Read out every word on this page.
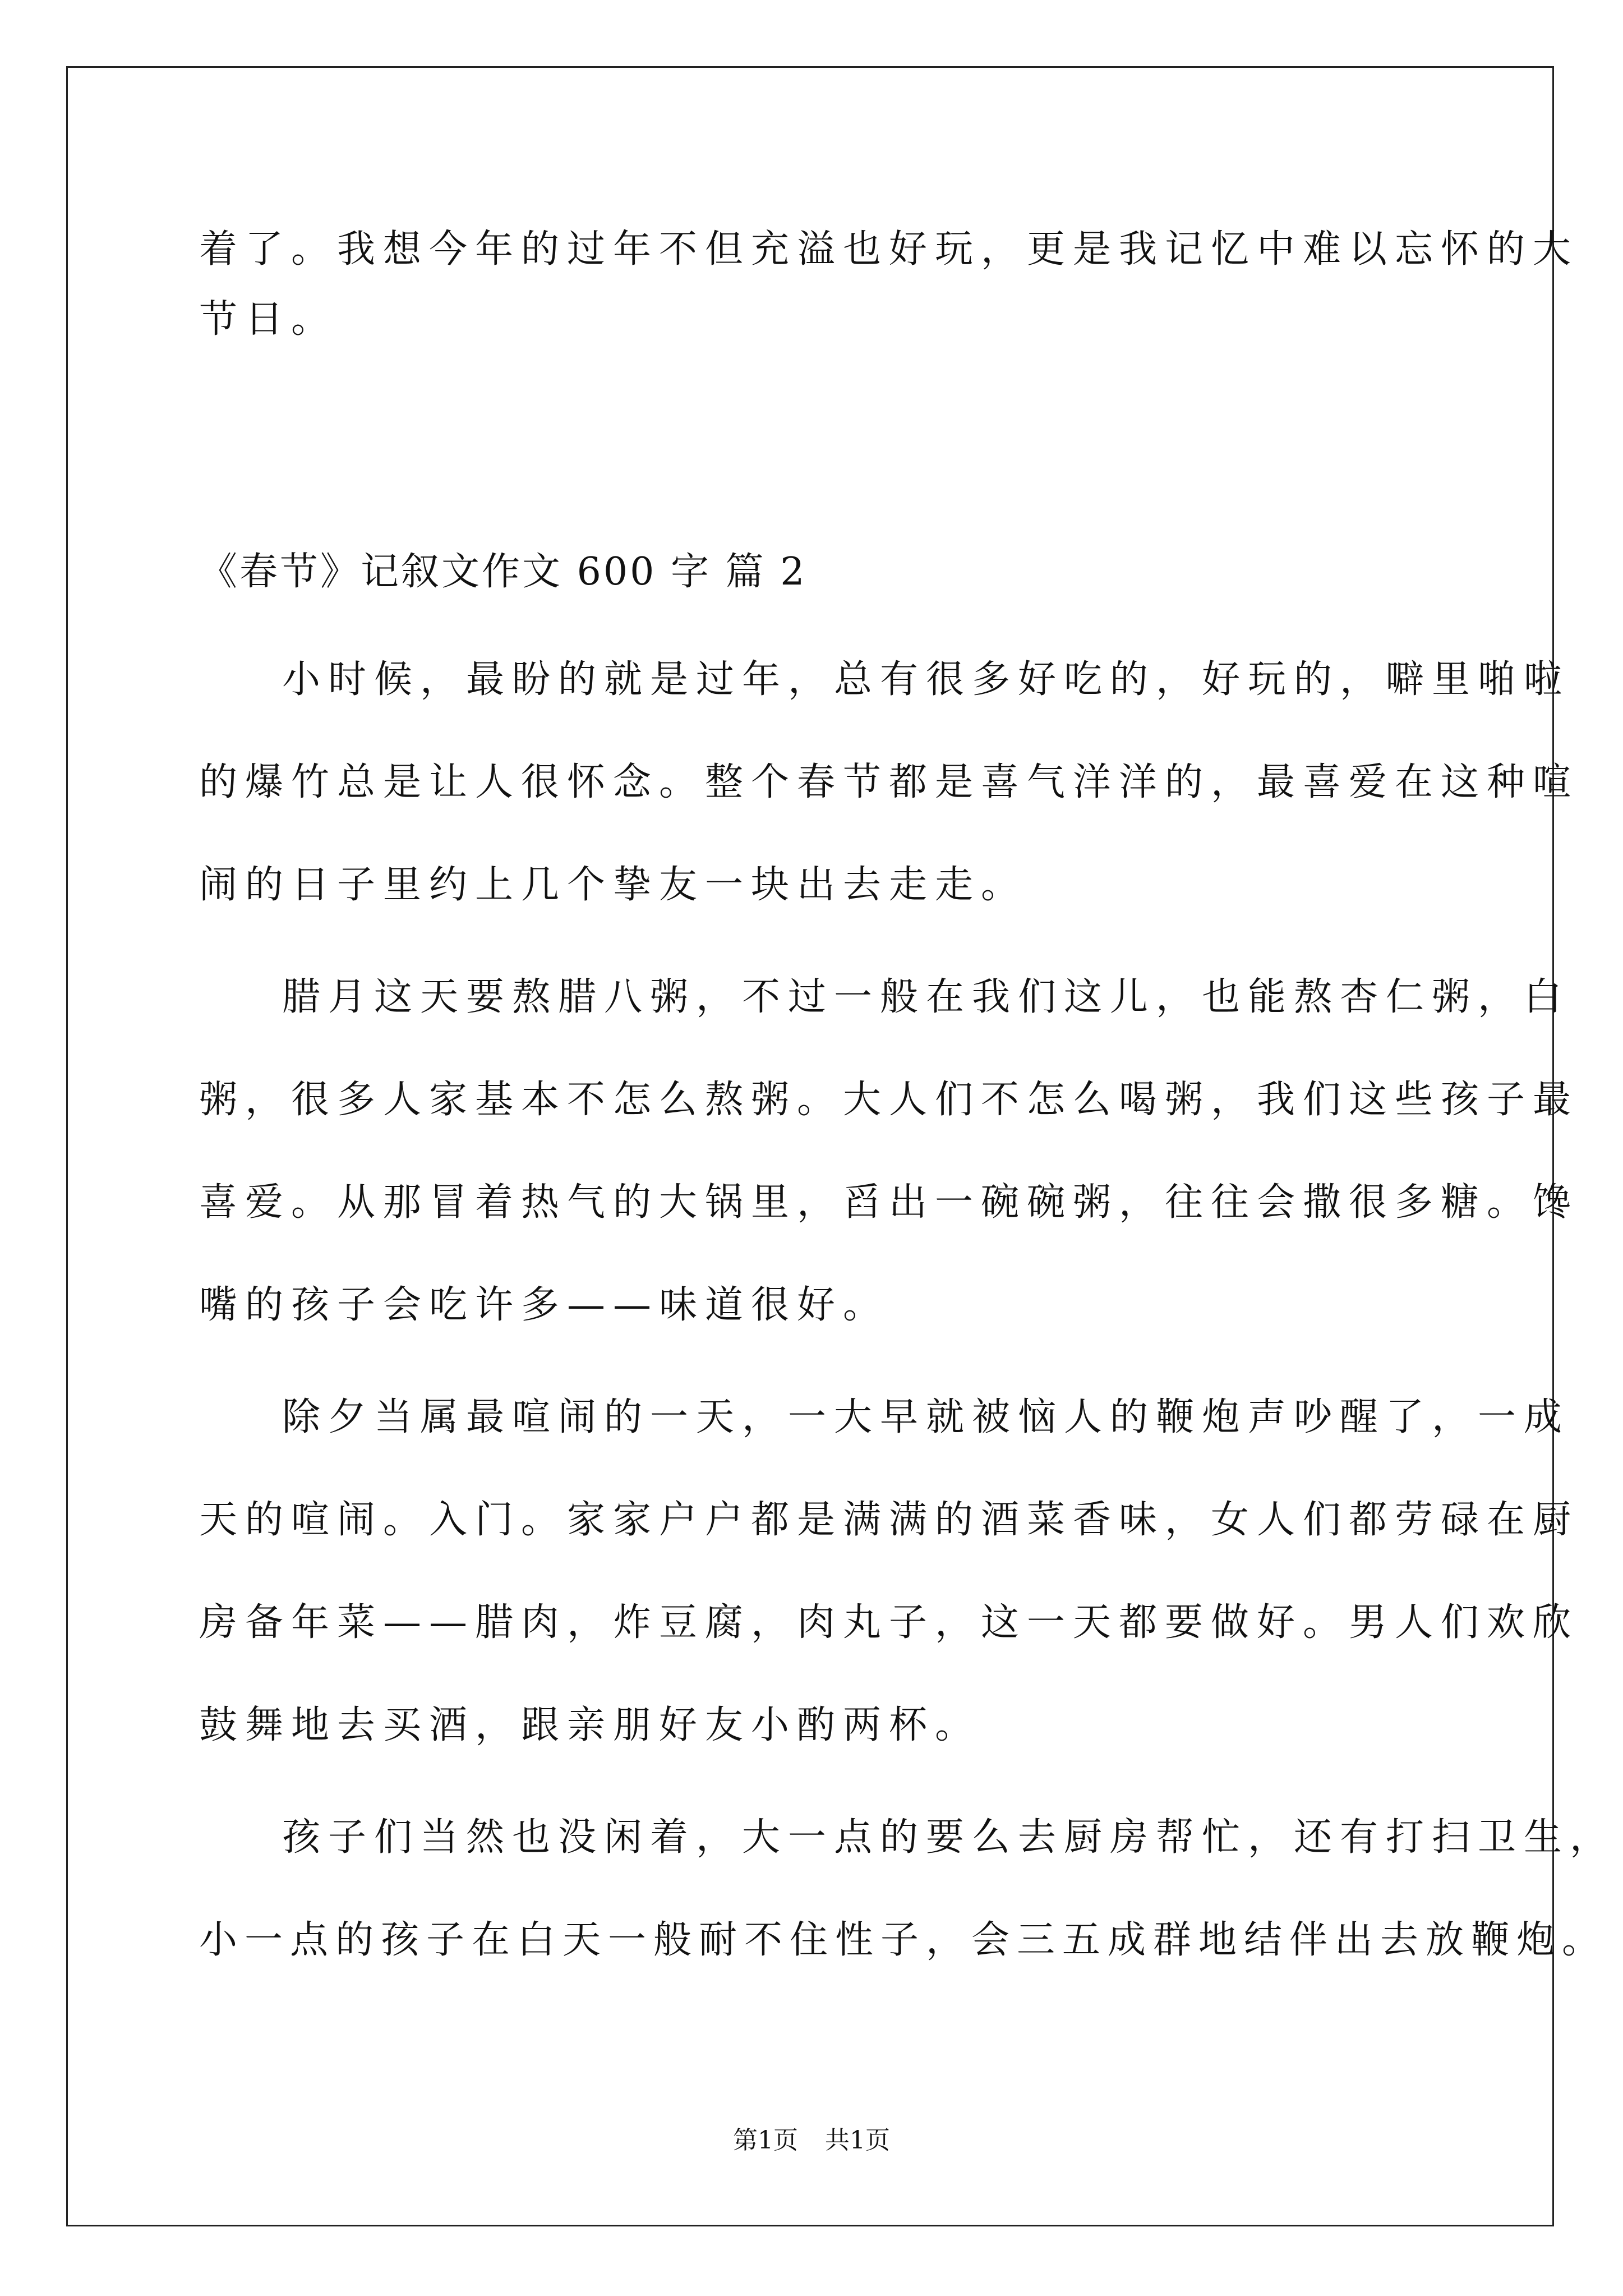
着了。我想今年的过年不但充溢也好玩，更是我记忆中难以忘怀的大
节日。
《春节》记叙文作文 600 字 篇 2
小时候，最盼的就是过年，总有很多好吃的，好玩的，噼里啪啦
的爆竹总是让人很怀念。整个春节都是喜气洋洋的，最喜爱在这种喧
闹的日子里约上几个挚友一块出去走走。
腊月这天要熬腊八粥，不过一般在我们这儿，也能熬杏仁粥，白
粥，很多人家基本不怎么熬粥。大人们不怎么喝粥，我们这些孩子最
喜爱。从那冒着热气的大锅里，舀出一碗碗粥，往往会撒很多糖。馋
嘴的孩子会吃许多——味道很好。
除夕当属最喧闹的一天，一大早就被恼人的鞭炮声吵醒了，一成
天的喧闹。入门。家家户户都是满满的酒菜香味，女人们都劳碌在厨
房备年菜——腊肉，炸豆腐，肉丸子，这一天都要做好。男人们欢欣
鼓舞地去买酒，跟亲朋好友小酌两杯。
孩子们当然也没闲着，大一点的要么去厨房帮忙，还有打扫卫生，
小一点的孩子在白天一般耐不住性子，会三五成群地结伴出去放鞭炮。
第1页 共1页
